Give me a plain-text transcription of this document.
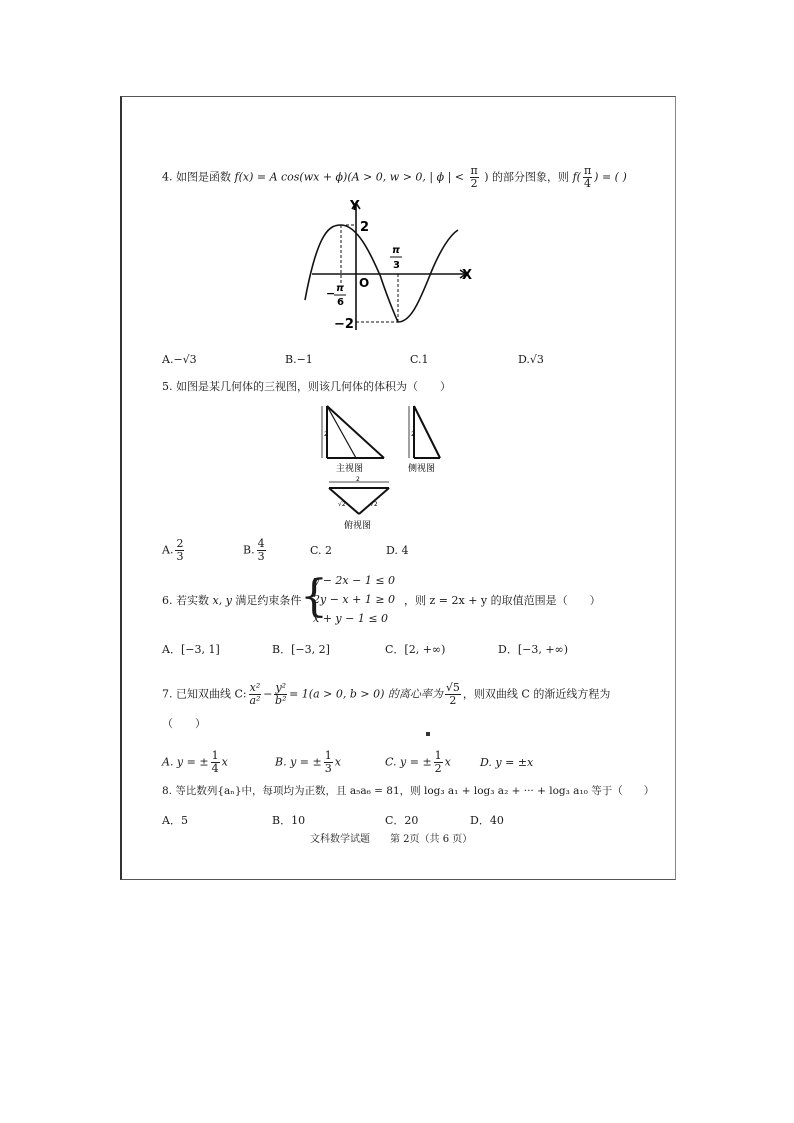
4. 如图是函数 f(x) = A cos(wx + ϕ)(A > 0, w > 0, | ϕ | < $\frac{\pi}{2}$ ) 的部分图象，则 $f( \frac{\pi}{4}$ ) = ( )
Y
X
O
2
−2
π
3
− π
6
A.−√3	B.−1	C.1	D.√3
5. 如图是某几何体的三视图，则该几何体的体积为（　　）
2
主视图
2
侧视图
2
√2	√2
俯视图
A. $\frac{2}{3}$	B. $\frac{4}{3}$	C. 2	D. 4
6. 若实数 x, y 满足约束条件
{
y − 2x − 1 ≤ 0
2y − x + 1 ≥ 0
x + y − 1 ≤ 0
，则 z = 2x + y 的取值范围是（　　）
A．[−3, 1]	B．[−3, 2]	C．[2, +∞)	D．[−3, +∞)
7. 已知双曲线 C: $\frac{\text{x²}}{\text{a²}} - \frac{\text{y²}}{\text{b²}} = 1(a > 0$, b > 0) 的离心率为 $\frac{√5}{2}$ ，则双曲线 C 的渐近线方程为
（　　）
A. y = ± $\frac{1}{4}$ x	B. y = ± $\frac{1}{3}$ x	C. y = ± $\frac{1}{2}$ x	D. y = ±x
8. 等比数列{aₙ}中，每项均为正数，且 a₅a₆ = 81，则 log₃ a₁ + log₃ a₂ + ··· + log₃ a₁₀ 等于（　　）
A．5	B．10	C．20	D．40
文科数学试题　　第 2页（共 6 页）
